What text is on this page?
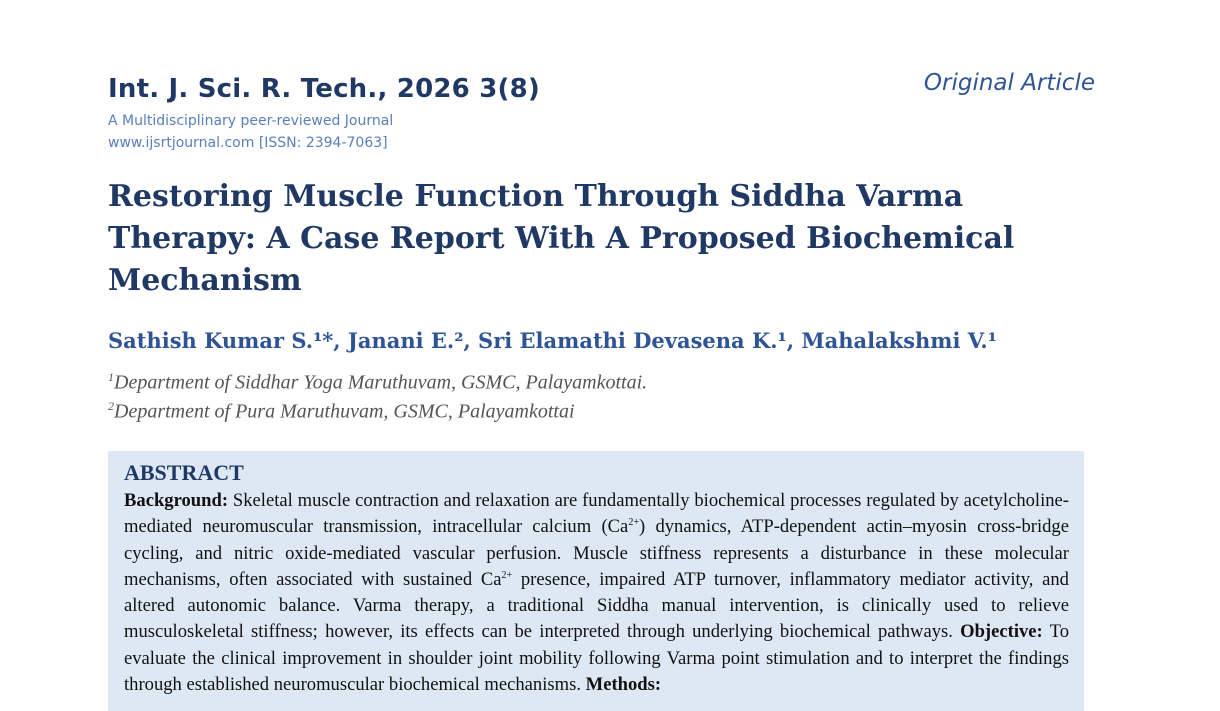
Int. J. Sci. R. Tech., 2026 3(8)	Original Article
A Multidisciplinary peer-reviewed Journal
www.ijsrtjournal.com [ISSN: 2394-7063]
Restoring Muscle Function Through Siddha Varma Therapy: A Case Report With A Proposed Biochemical Mechanism
Sathish Kumar S.¹*, Janani E.², Sri Elamathi Devasena K.¹, Mahalakshmi V.¹
$^1$Department of Siddhar Yoga Maruthuvam, GSMC, Palayamkottai.
$^2$Department of Pura Maruthuvam, GSMC, Palayamkottai
ABSTRACT

Background: Skeletal muscle contraction and relaxation are fundamentally biochemical processes regulated by acetylcholine-mediated neuromuscular transmission, intracellular calcium $(Ca^{2+})$ dynamics, ATP-dependent actin–myosin cross-bridge cycling, and nitric oxide-mediated vascular perfusion. Muscle stiffness represents a disturbance in these molecular mechanisms, often associated with sustained $Ca^{2+}$ presence, impaired ATP turnover, inflammatory mediator activity, and altered autonomic balance. Varma therapy, a traditional Siddha manual intervention, is clinically used to relieve musculoskeletal stiffness; however, its effects can be interpreted through underlying biochemical pathways. Objective: To evaluate the clinical improvement in shoulder joint mobility following Varma point stimulation and to interpret the findings through established neuromuscular biochemical mechanisms. Methods:
